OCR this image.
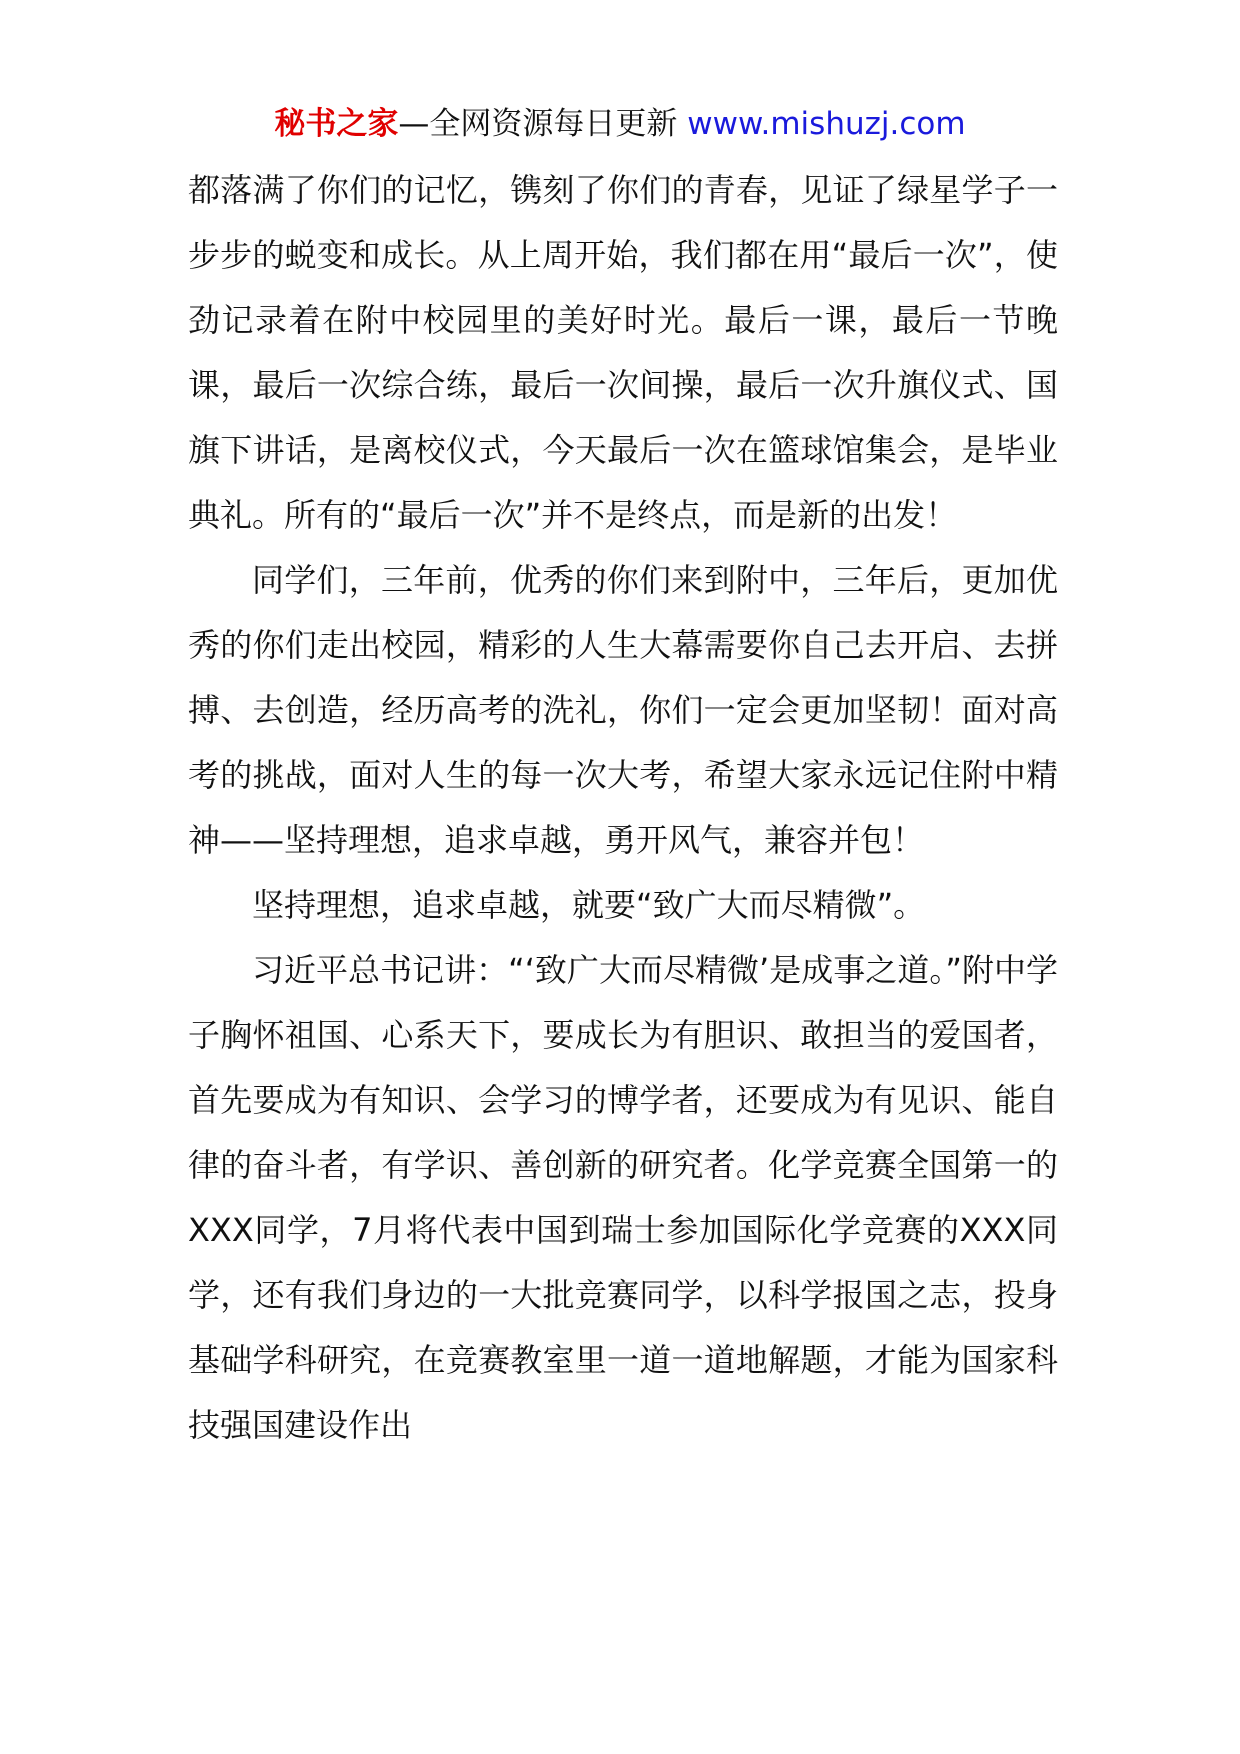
秘书之家—全网资源每日更新 www.mishuzj.com

都落满了你们的记忆，镌刻了你们的青春，见证了绿星学子一步步的蜕变和成长。从上周开始，我们都在用“最后一次”，使劲记录着在附中校园里的美好时光。最后一课，最后一节晚课，最后一次综合练，最后一次间操，最后一次升旗仪式、国旗下讲话，是离校仪式，今天最后一次在篮球馆集会，是毕业典礼。所有的“最后一次”并不是终点，而是新的出发！

同学们，三年前，优秀的你们来到附中，三年后，更加优秀的你们走出校园，精彩的人生大幕需要你自己去开启、去拼搏、去创造，经历高考的洗礼，你们一定会更加坚韧！面对高考的挑战，面对人生的每一次大考，希望大家永远记住附中精神——坚持理想，追求卓越，勇开风气，兼容并包！

坚持理想，追求卓越，就要“致广大而尽精微”。

习近平总书记讲：“‘致广大而尽精微’是成事之道。”附中学子胸怀祖国、心系天下，要成长为有胆识、敢担当的爱国者，首先要成为有知识、会学习的博学者，还要成为有见识、能自律的奋斗者，有学识、善创新的研究者。化学竞赛全国第一的XXX同学，7月将代表中国到瑞士参加国际化学竞赛的XXX同学，还有我们身边的一大批竞赛同学，以科学报国之志，投身基础学科研究，在竞赛教室里一道一道地解题，才能为国家科技强国建设作出
